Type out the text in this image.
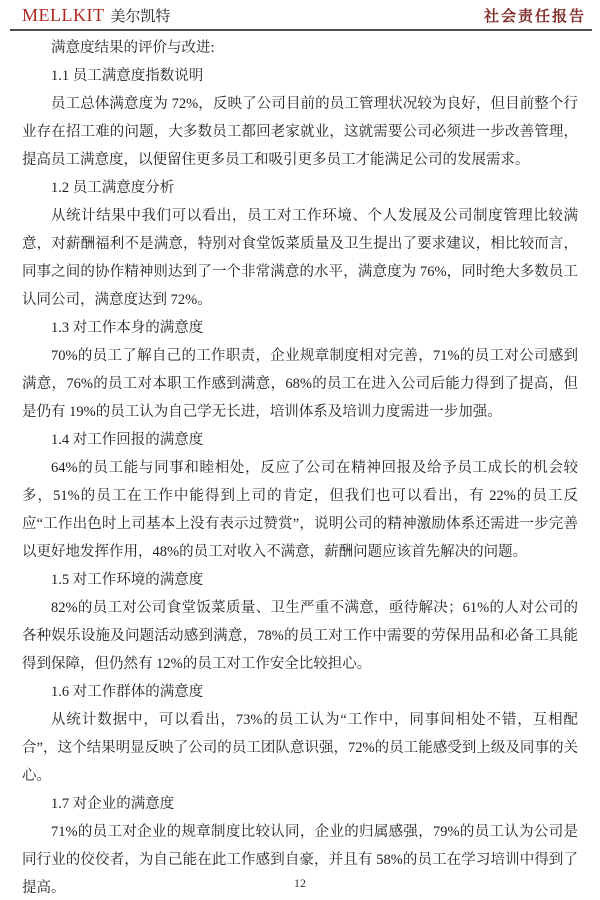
MELLKIT 美尔凯特	社会责任报告

满意度结果的评价与改进:

1.1 员工满意度指数说明

员工总体满意度为 72%，反映了公司目前的员工管理状况较为良好，但目前整个行业存在招工难的问题，大多数员工都回老家就业，这就需要公司必须进一步改善管理，提高员工满意度，以便留住更多员工和吸引更多员工才能满足公司的发展需求。

1.2 员工满意度分析

从统计结果中我们可以看出，员工对工作环境、个人发展及公司制度管理比较满意，对薪酬福利不是满意，特别对食堂饭菜质量及卫生提出了要求建议，相比较而言，同事之间的协作精神则达到了一个非常满意的水平，满意度为 76%，同时绝大多数员工认同公司，满意度达到 72%。

1.3 对工作本身的满意度

70%的员工了解自己的工作职责，企业规章制度相对完善，71%的员工对公司感到满意，76%的员工对本职工作感到满意，68%的员工在进入公司后能力得到了提高，但是仍有 19%的员工认为自己学无长进，培训体系及培训力度需进一步加强。

1.4 对工作回报的满意度

64%的员工能与同事和睦相处，反应了公司在精神回报及给予员工成长的机会较多，51%的员工在工作中能得到上司的肯定，但我们也可以看出，有 22%的员工反应“工作出色时上司基本上没有表示过赞赏”，说明公司的精神激励体系还需进一步完善以更好地发挥作用，48%的员工对收入不满意，薪酬问题应该首先解决的问题。

1.5 对工作环境的满意度

82%的员工对公司食堂饭菜质量、卫生严重不满意，亟待解决；61%的人对公司的各种娱乐设施及问题活动感到满意，78%的员工对工作中需要的劳保用品和必备工具能得到保障，但仍然有 12%的员工对工作安全比较担心。

1.6 对工作群体的满意度

从统计数据中，可以看出，73%的员工认为“工作中，同事间相处不错，互相配合”，这个结果明显反映了公司的员工团队意识强，72%的员工能感受到上级及同事的关心。

1.7 对企业的满意度

71%的员工对企业的规章制度比较认同，企业的归属感强，79%的员工认为公司是同行业的佼佼者，为自己能在此工作感到自豪，并且有 58%的员工在学习培训中得到了提高。	12
